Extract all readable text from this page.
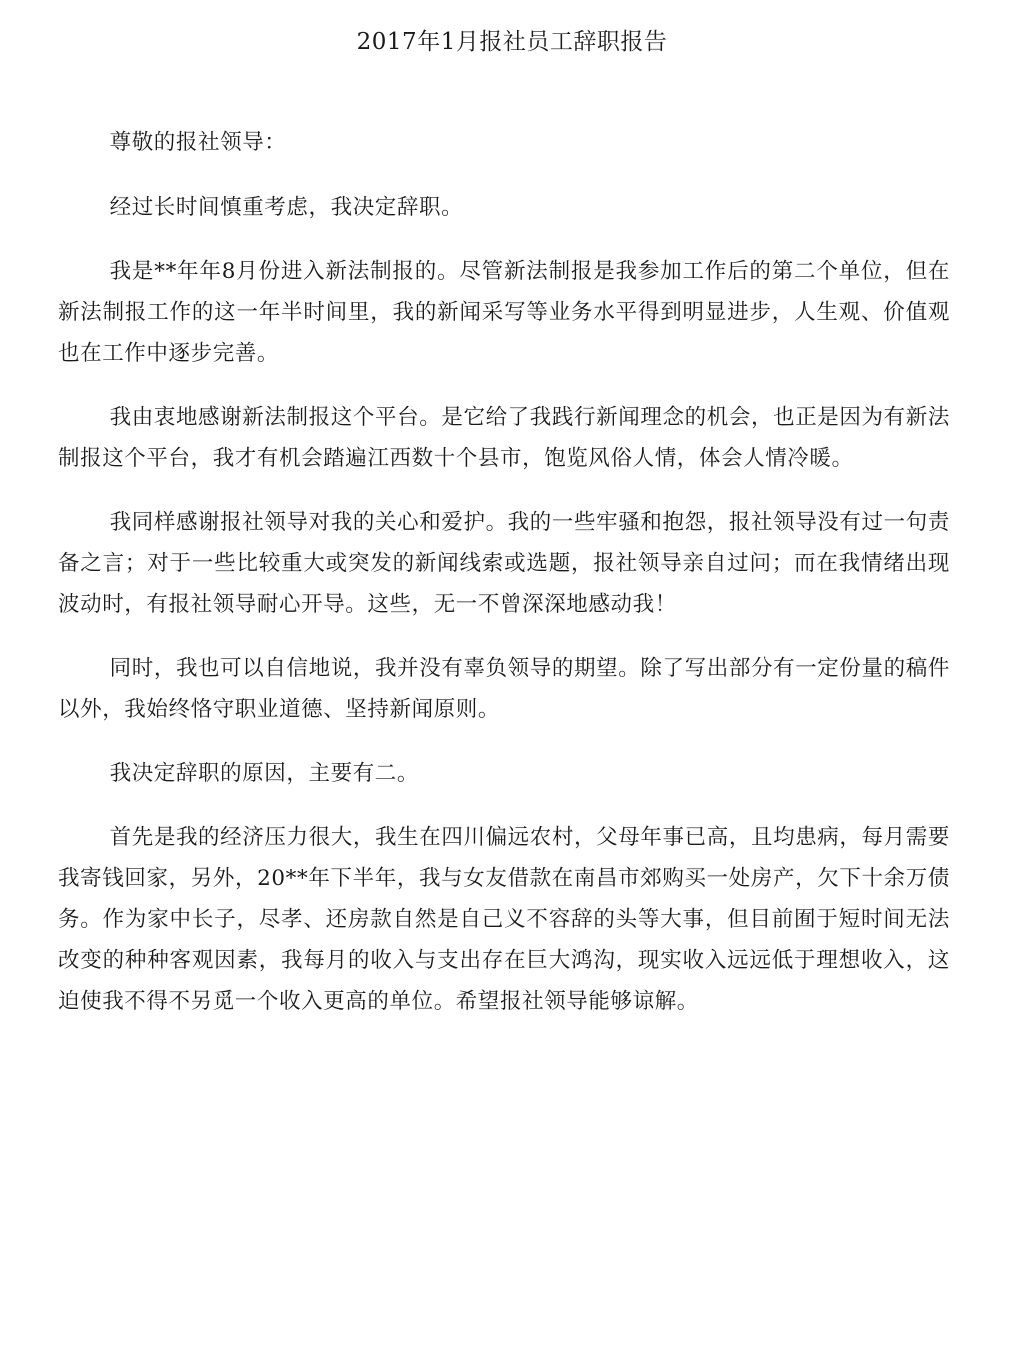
2017年1月报社员工辞职报告

尊敬的报社领导：

经过长时间慎重考虑，我决定辞职。

我是**年年8月份进入新法制报的。尽管新法制报是我参加工作后的第二个单位，但在新法制报工作的这一年半时间里，我的新闻采写等业务水平得到明显进步，人生观、价值观也在工作中逐步完善。

我由衷地感谢新法制报这个平台。是它给了我践行新闻理念的机会，也正是因为有新法制报这个平台，我才有机会踏遍江西数十个县市，饱览风俗人情，体会人情冷暖。

我同样感谢报社领导对我的关心和爱护。我的一些牢骚和抱怨，报社领导没有过一句责备之言；对于一些比较重大或突发的新闻线索或选题，报社领导亲自过问；而在我情绪出现波动时，有报社领导耐心开导。这些，无一不曾深深地感动我！

同时，我也可以自信地说，我并没有辜负领导的期望。除了写出部分有一定份量的稿件以外，我始终恪守职业道德、坚持新闻原则。

我决定辞职的原因，主要有二。

首先是我的经济压力很大，我生在四川偏远农村，父母年事已高，且均患病，每月需要我寄钱回家，另外，20**年下半年，我与女友借款在南昌市郊购买一处房产，欠下十余万债务。作为家中长子，尽孝、还房款自然是自己义不容辞的头等大事，但目前囿于短时间无法改变的种种客观因素，我每月的收入与支出存在巨大鸿沟，现实收入远远低于理想收入，这迫使我不得不另觅一个收入更高的单位。希望报社领导能够谅解。
